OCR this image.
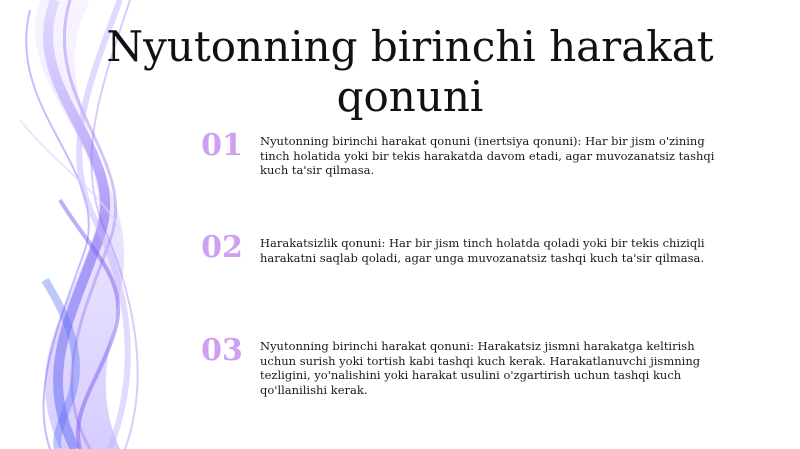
Nyutonning birinchi harakat qonuni
01	Nyutonning birinchi harakat qonuni (inertsiya qonuni): Har bir jism o'zining tinch holatida yoki bir tekis harakatda davom etadi, agar muvozanatsiz tashqi kuch ta'sir qilmasa.

02	Harakatsizlik qonuni: Har bir jism tinch holatda qoladi yoki bir tekis chiziqli harakatni saqlab qoladi, agar unga muvozanatsiz tashqi kuch ta'sir qilmasa.

03	Nyutonning birinchi harakat qonuni: Harakatsiz jismni harakatga keltirish uchun surish yoki tortish kabi tashqi kuch kerak. Harakatlanuvchi jismning tezligini, yo'nalishini yoki harakat usulini o'zgartirish uchun tashqi kuch qo'llanilishi kerak.
